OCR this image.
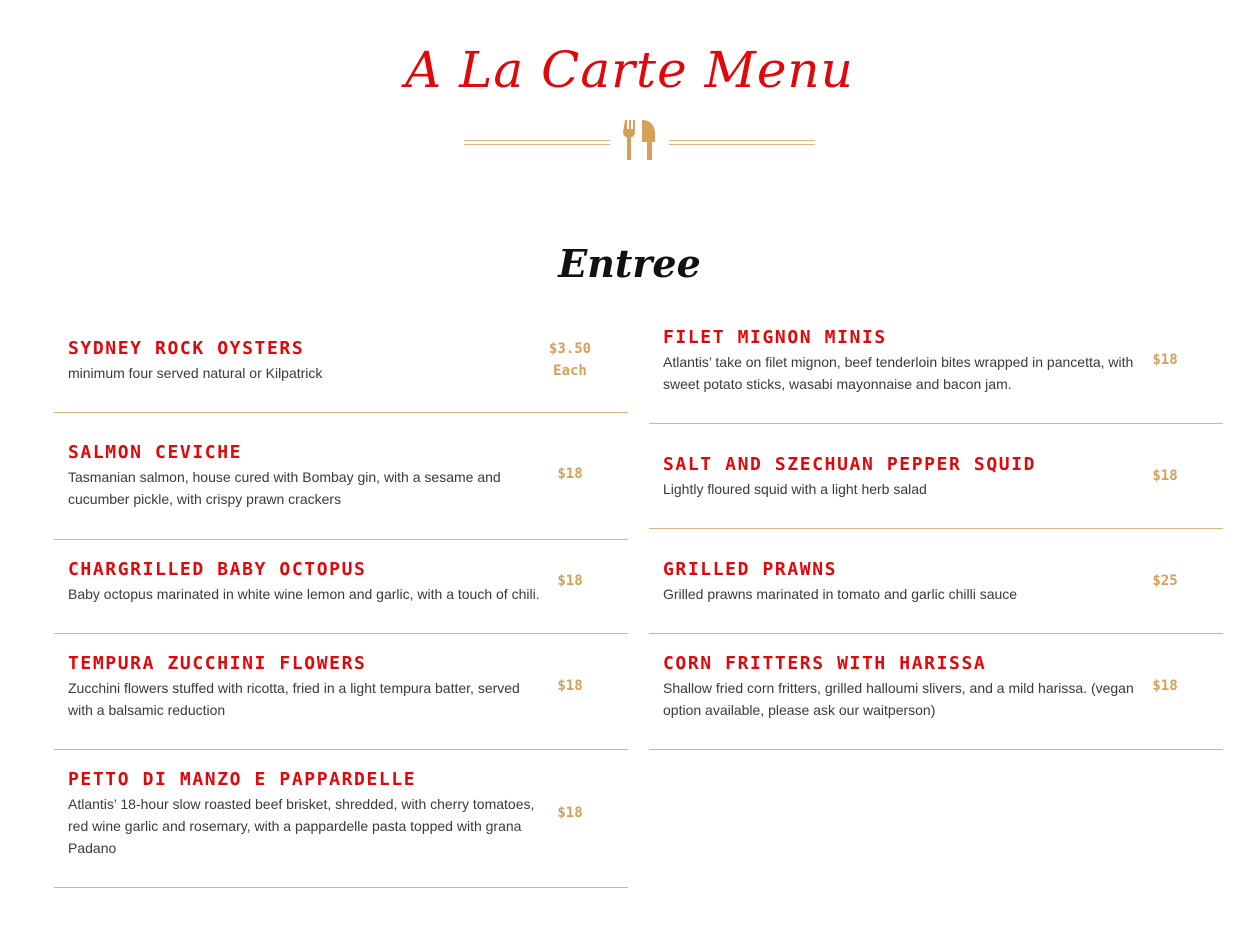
A La Carte Menu
Entree
SYDNEY ROCK OYSTERS
minimum four served natural or Kilpatrick
$3.50
Each
SALMON CEVICHE
Tasmanian salmon, house cured with Bombay gin, with a sesame and cucumber pickle, with crispy prawn crackers
$18
CHARGRILLED BABY OCTOPUS
Baby octopus marinated in white wine lemon and garlic, with a touch of chili.
$18
TEMPURA ZUCCHINI FLOWERS
Zucchini flowers stuffed with ricotta, fried in a light tempura batter, served with a balsamic reduction
$18
PETTO DI MANZO E PAPPARDELLE
Atlantis’ 18-hour slow roasted beef brisket, shredded, with cherry tomatoes, red wine garlic and rosemary, with a pappardelle pasta topped with grana Padano
$18
FILET MIGNON MINIS
Atlantis’ take on filet mignon, beef tenderloin bites wrapped in pancetta, with sweet potato sticks, wasabi mayonnaise and bacon jam.
$18
SALT AND SZECHUAN PEPPER SQUID
Lightly floured squid with a light herb salad
$18
GRILLED PRAWNS
Grilled prawns marinated in tomato and garlic chilli sauce
$25
CORN FRITTERS WITH HARISSA
Shallow fried corn fritters, grilled halloumi slivers, and a mild harissa. (vegan option available, please ask our waitperson)
$18
